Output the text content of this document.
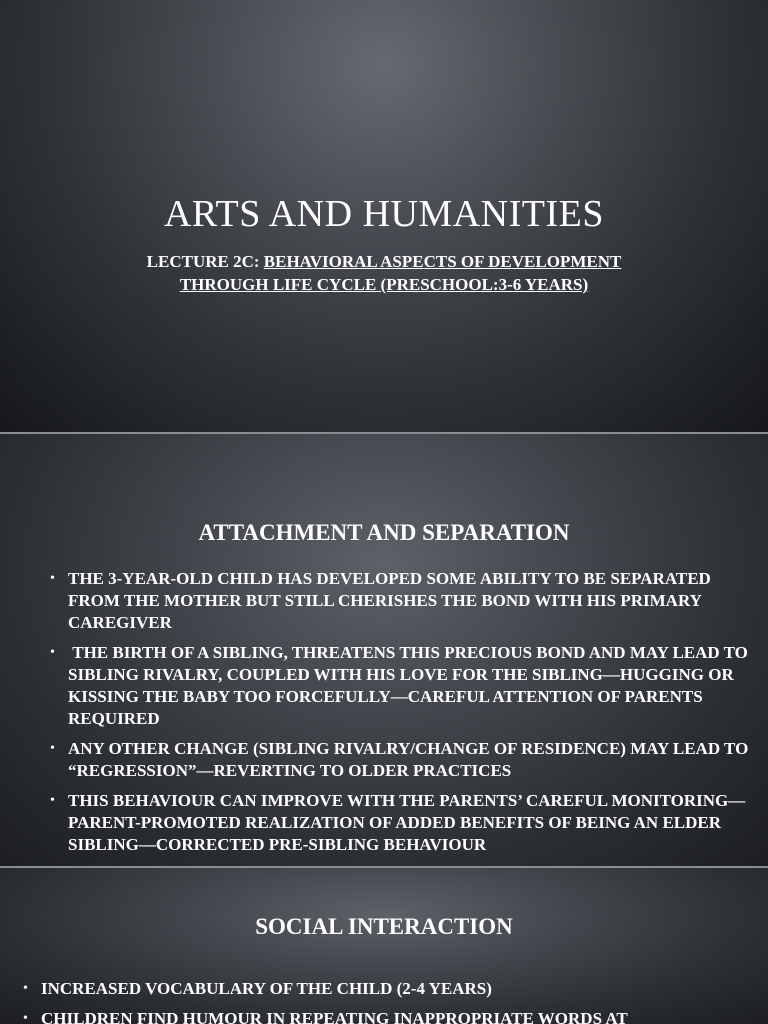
ARTS AND HUMANITIES

LECTURE 2C: BEHAVIORAL ASPECTS OF DEVELOPMENT THROUGH LIFE CYCLE (PRESCHOOL:3-6 YEARS)

ATTACHMENT AND SEPARATION
• THE 3-YEAR-OLD CHILD HAS DEVELOPED SOME ABILITY TO BE SEPARATED FROM THE MOTHER BUT STILL CHERISHES THE BOND WITH HIS PRIMARY CAREGIVER
• THE BIRTH OF A SIBLING, THREATENS THIS PRECIOUS BOND AND MAY LEAD TO SIBLING RIVALRY, COUPLED WITH HIS LOVE FOR THE SIBLING—HUGGING OR KISSING THE BABY TOO FORCEFULLY—CAREFUL ATTENTION OF PARENTS REQUIRED
• ANY OTHER CHANGE (SIBLING RIVALRY/CHANGE OF RESIDENCE) MAY LEAD TO “REGRESSION”—REVERTING TO OLDER PRACTICES
• THIS BEHAVIOUR CAN IMPROVE WITH THE PARENTS’ CAREFUL MONITORING—PARENT-PROMOTED REALIZATION OF ADDED BENEFITS OF BEING AN ELDER SIBLING—CORRECTED PRE-SIBLING BEHAVIOUR
SOCIAL INTERACTION
• INCREASED VOCABULARY OF THE CHILD (2-4 YEARS)
• CHILDREN FIND HUMOUR IN REPEATING INAPPROPRIATE WORDS AT
